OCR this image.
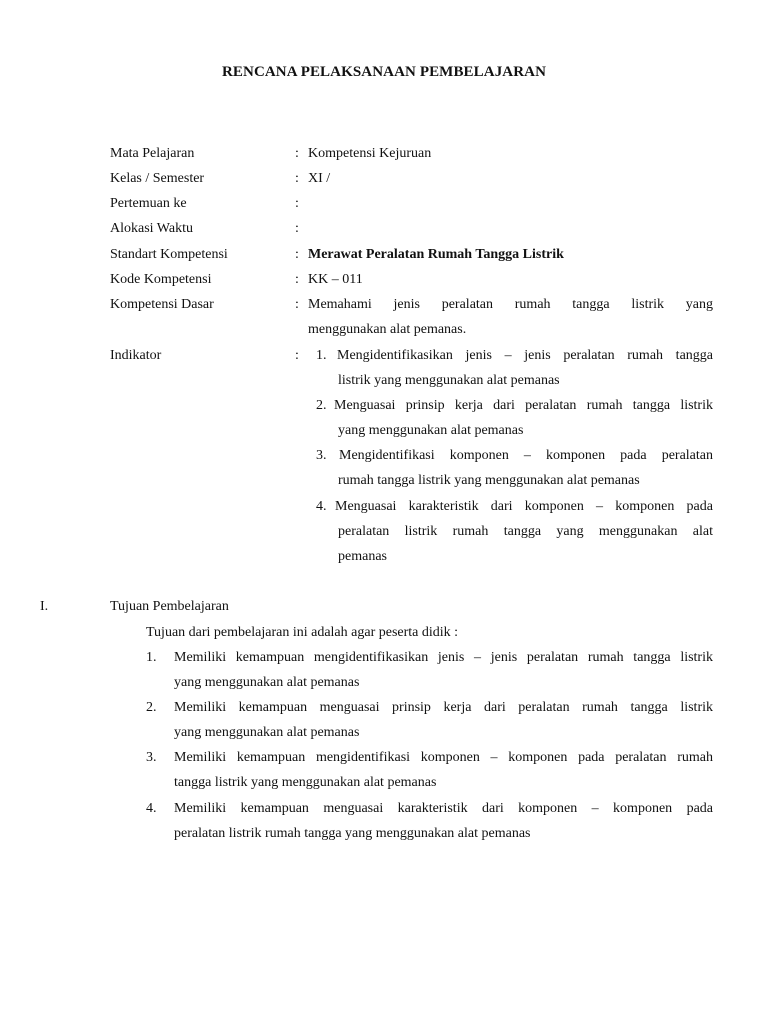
RENCANA PELAKSANAAN PEMBELAJARAN
Mata Pelajaran	: Kompetensi Kejuruan
Kelas / Semester	: XI /
Pertemuan ke	:
Alokasi Waktu	:
Standart Kompetensi	: Merawat Peralatan Rumah Tangga Listrik
Kode Kompetensi	: KK – 011
Kompetensi Dasar	: Memahami jenis peralatan rumah tangga listrik yang
menggunakan alat pemanas.
Indikator	: 1. Mengidentifikasikan jenis – jenis peralatan rumah tangga
listrik yang menggunakan alat pemanas
2. Menguasai prinsip kerja dari peralatan rumah tangga listrik
yang menggunakan alat pemanas
3. Mengidentifikasi komponen – komponen pada peralatan
rumah tangga listrik yang menggunakan alat pemanas
4. Menguasai karakteristik dari komponen – komponen pada
peralatan listrik rumah tangga yang menggunakan alat
pemanas
I.	Tujuan Pembelajaran
Tujuan dari pembelajaran ini adalah agar peserta didik :
1. Memiliki kemampuan mengidentifikasikan jenis – jenis peralatan rumah tangga listrik
yang menggunakan alat pemanas
2. Memiliki kemampuan menguasai prinsip kerja dari peralatan rumah tangga listrik
yang menggunakan alat pemanas
3. Memiliki kemampuan mengidentifikasi komponen – komponen pada peralatan rumah
tangga listrik yang menggunakan alat pemanas
4. Memiliki kemampuan menguasai karakteristik dari komponen – komponen pada
peralatan listrik rumah tangga yang menggunakan alat pemanas
